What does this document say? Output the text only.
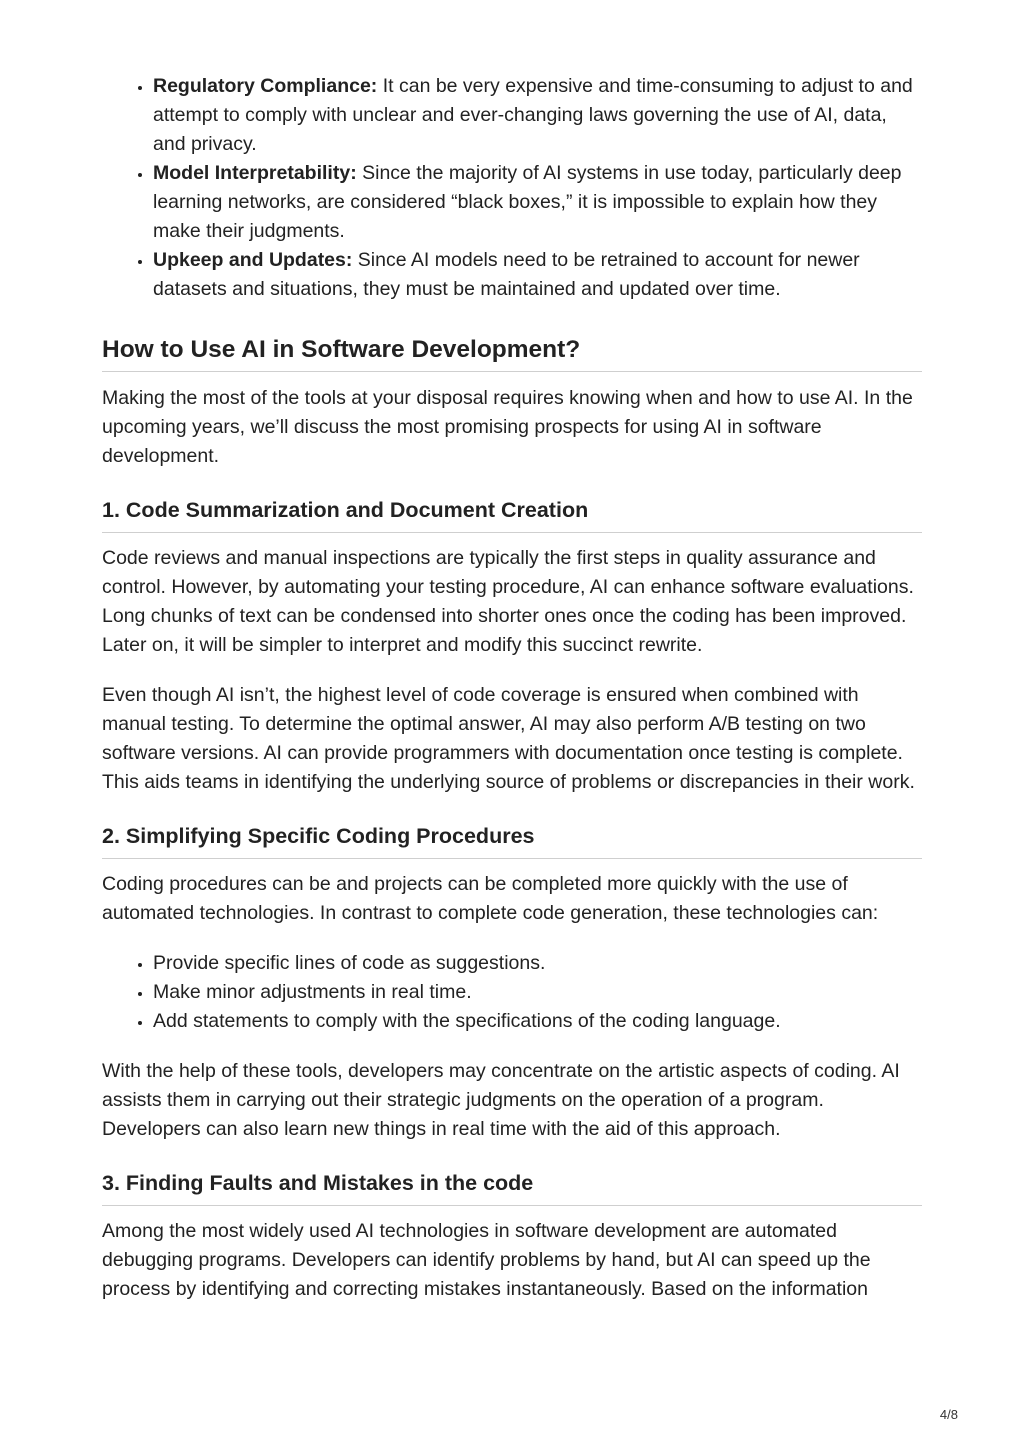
• Regulatory Compliance: It can be very expensive and time-consuming to adjust to and attempt to comply with unclear and ever-changing laws governing the use of AI, data, and privacy.
• Model Interpretability: Since the majority of AI systems in use today, particularly deep learning networks, are considered “black boxes,” it is impossible to explain how they make their judgments.
• Upkeep and Updates: Since AI models need to be retrained to account for newer datasets and situations, they must be maintained and updated over time.
How to Use AI in Software Development?

Making the most of the tools at your disposal requires knowing when and how to use AI. In the upcoming years, we’ll discuss the most promising prospects for using AI in software development.

1. Code Summarization and Document Creation

Code reviews and manual inspections are typically the first steps in quality assurance and control. However, by automating your testing procedure, AI can enhance software evaluations. Long chunks of text can be condensed into shorter ones once the coding has been improved. Later on, it will be simpler to interpret and modify this succinct rewrite.

Even though AI isn’t, the highest level of code coverage is ensured when combined with manual testing. To determine the optimal answer, AI may also perform A/B testing on two software versions. AI can provide programmers with documentation once testing is complete. This aids teams in identifying the underlying source of problems or discrepancies in their work.

2. Simplifying Specific Coding Procedures

Coding procedures can be and projects can be completed more quickly with the use of automated technologies. In contrast to complete code generation, these technologies can:

• Provide specific lines of code as suggestions.
• Make minor adjustments in real time.
• Add statements to comply with the specifications of the coding language.

With the help of these tools, developers may concentrate on the artistic aspects of coding. AI assists them in carrying out their strategic judgments on the operation of a program. Developers can also learn new things in real time with the aid of this approach.

3. Finding Faults and Mistakes in the code

Among the most widely used AI technologies in software development are automated debugging programs. Developers can identify problems by hand, but AI can speed up the process by identifying and correcting mistakes instantaneously. Based on the information

4/8
